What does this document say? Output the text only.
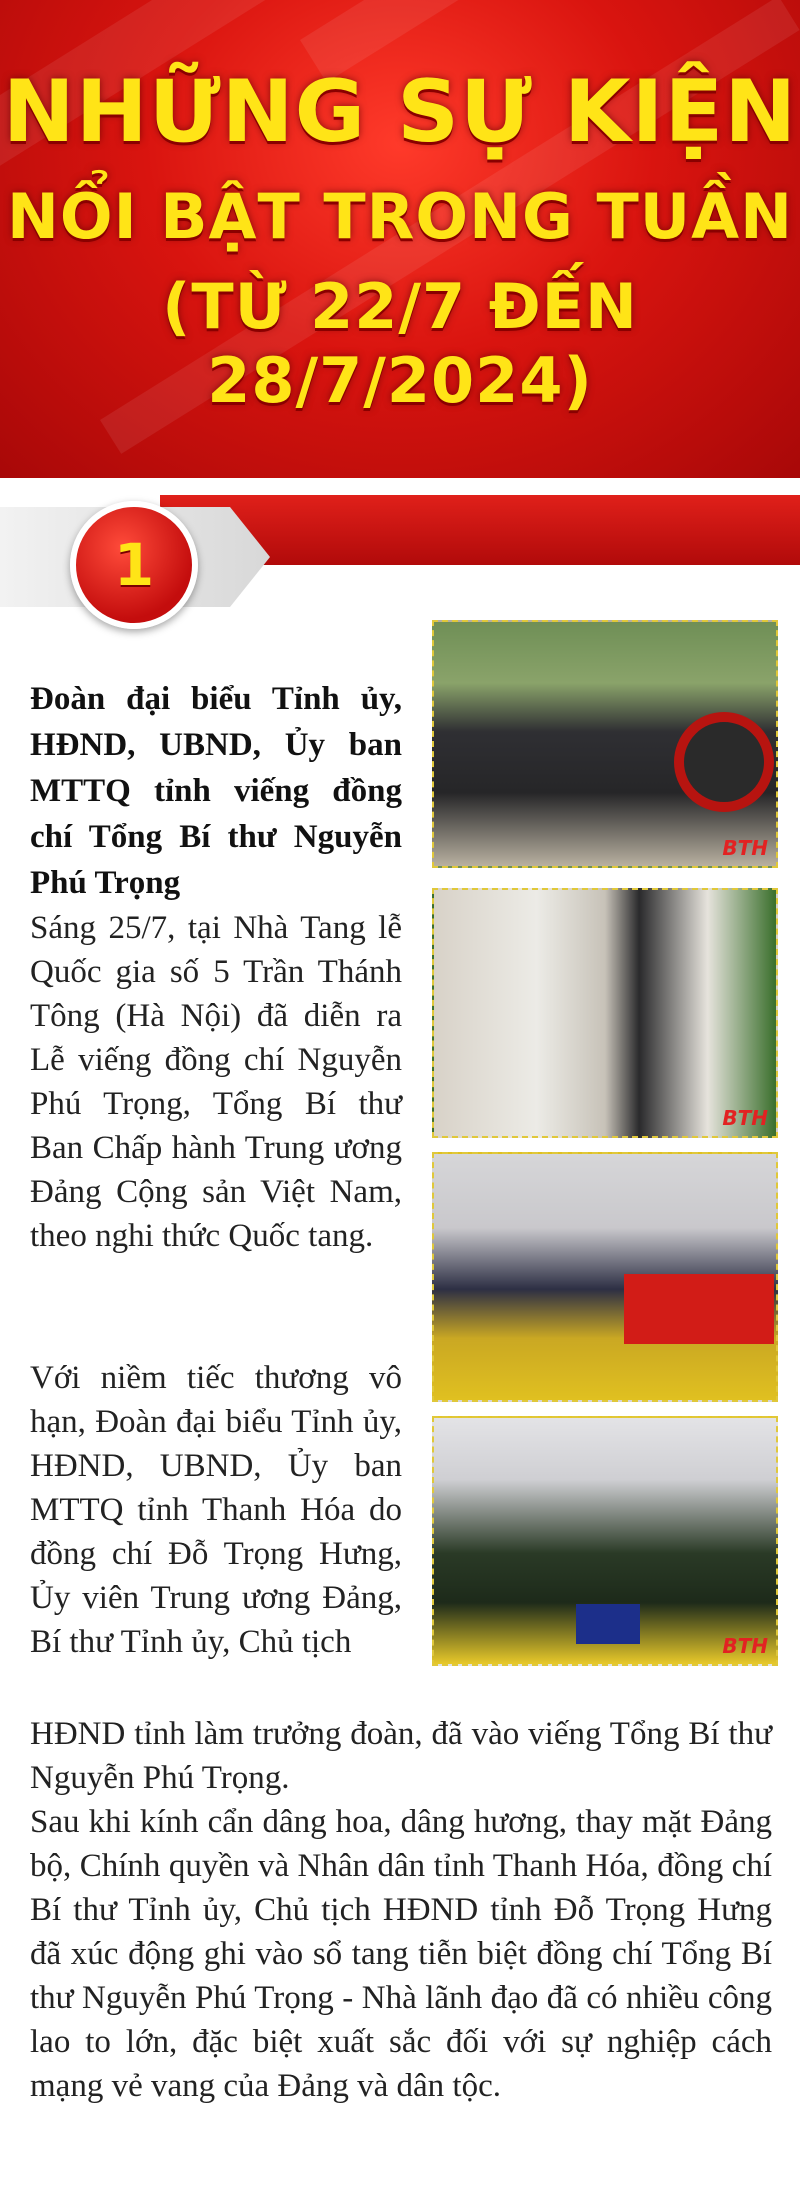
NHỮNG SỰ KIỆN
NỔI BẬT TRONG TUẦN
(TỪ 22/7 ĐẾN 28/7/2024)
1
BTH
BTH
BTH
Đoàn đại biểu Tỉnh ủy, HĐND, UBND, Ủy ban MTTQ tỉnh viếng đồng chí Tổng Bí thư Nguyễn Phú Trọng
Sáng 25/7, tại Nhà Tang lễ Quốc gia số 5 Trần Thánh Tông (Hà Nội) đã diễn ra Lễ viếng đồng chí Nguyễn Phú Trọng, Tổng Bí thư Ban Chấp hành Trung ương Đảng Cộng sản Việt Nam, theo nghi thức Quốc tang.
Với niềm tiếc thương vô hạn, Đoàn đại biểu Tỉnh ủy, HĐND, UBND, Ủy ban MTTQ tỉnh Thanh Hóa do đồng chí Đỗ Trọng Hưng, Ủy viên Trung ương Đảng, Bí thư Tỉnh ủy, Chủ tịch
HĐND tỉnh làm trưởng đoàn, đã vào viếng Tổng Bí thư Nguyễn Phú Trọng.
Sau khi kính cẩn dâng hoa, dâng hương, thay mặt Đảng bộ, Chính quyền và Nhân dân tỉnh Thanh Hóa, đồng chí Bí thư Tỉnh ủy, Chủ tịch HĐND tỉnh Đỗ Trọng Hưng đã xúc động ghi vào sổ tang tiễn biệt đồng chí Tổng Bí thư Nguyễn Phú Trọng - Nhà lãnh đạo đã có nhiều công lao to lớn, đặc biệt xuất sắc đối với sự nghiệp cách mạng vẻ vang của Đảng và dân tộc.
